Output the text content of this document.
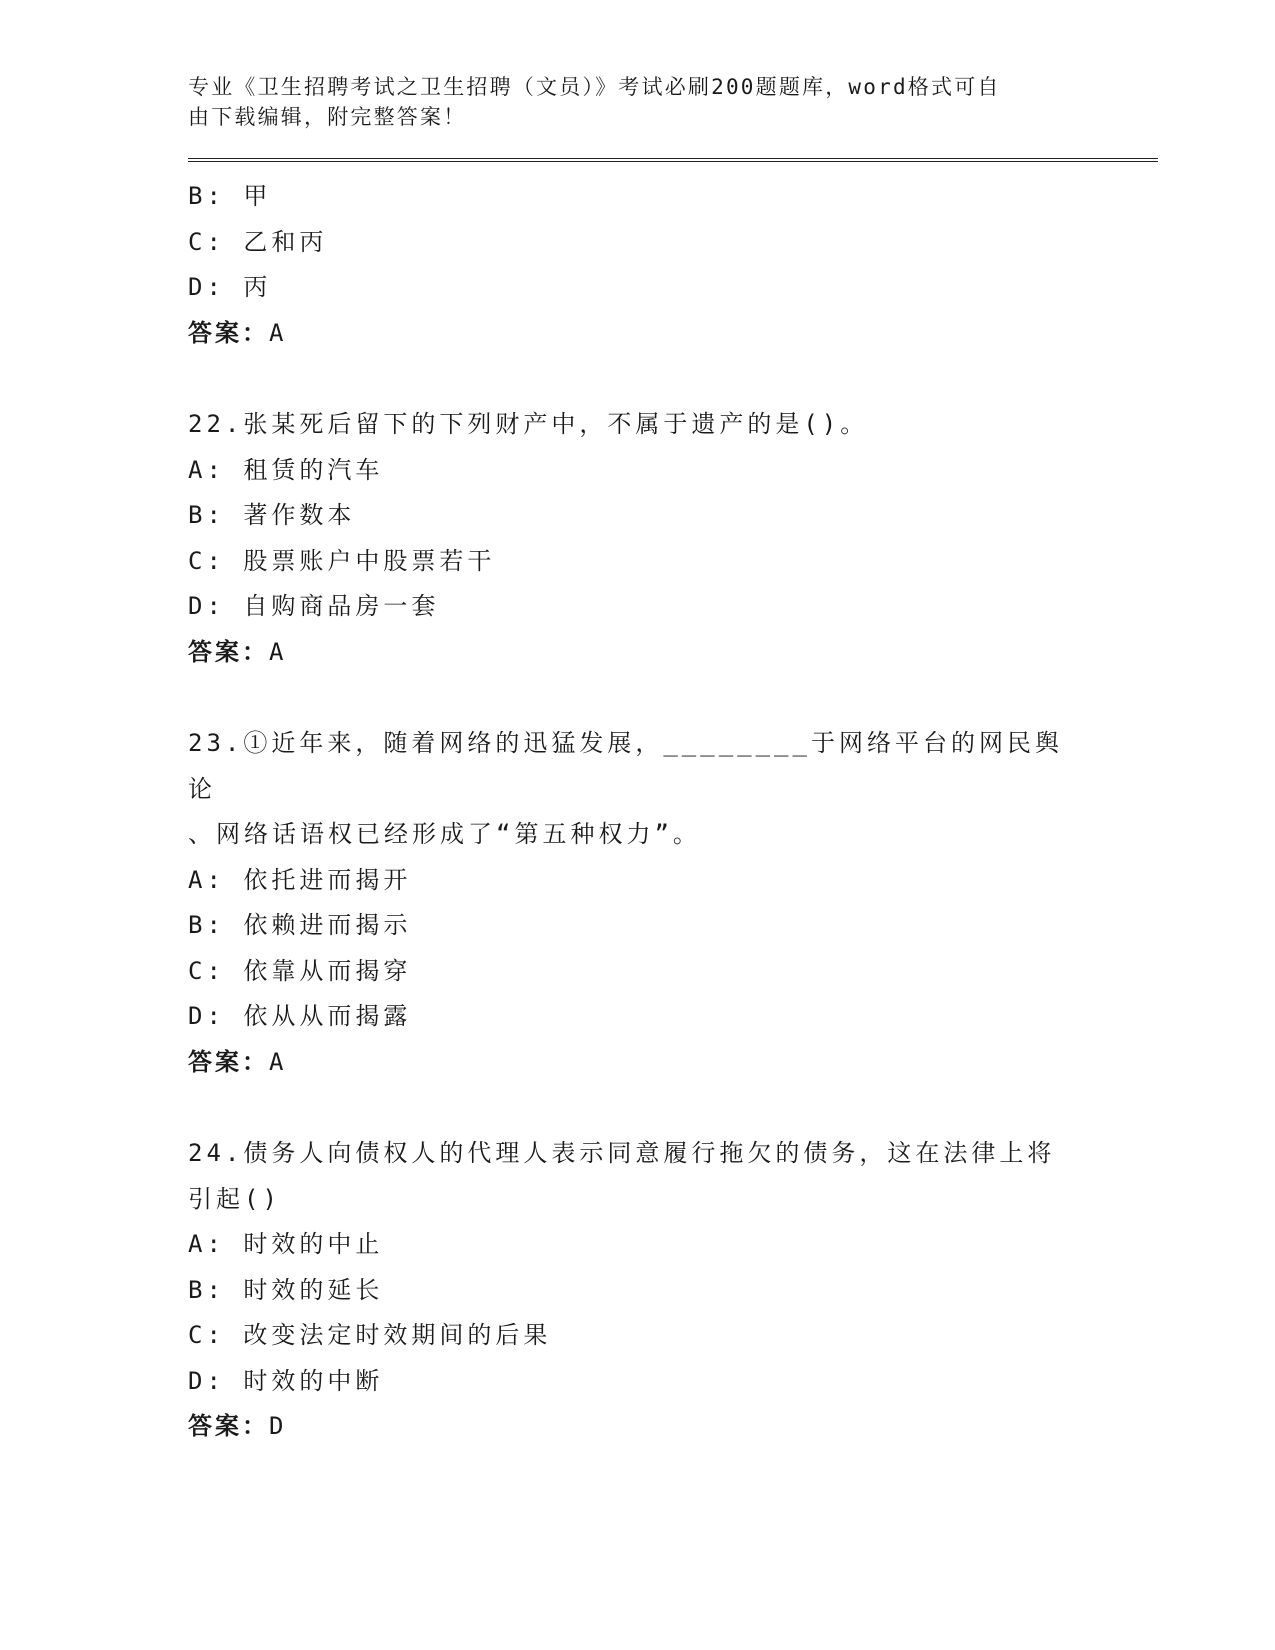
专业《卫生招聘考试之卫生招聘（文员）》考试必刷200题题库，word格式可自

由下载编辑，附完整答案！

B: 甲

C: 乙和丙

D: 丙

答案：A

22.张某死后留下的下列财产中，不属于遗产的是()。

A: 租赁的汽车

B: 著作数本

C: 股票账户中股票若干

D: 自购商品房一套

答案：A

23.①近年来，随着网络的迅猛发展，________于网络平台的网民舆论

、网络话语权已经形成了“第五种权力”。

A: 依托进而揭开

B: 依赖进而揭示

C: 依靠从而揭穿

D: 依从从而揭露

答案：A

24.债务人向债权人的代理人表示同意履行拖欠的债务，这在法律上将

引起()

A: 时效的中止

B: 时效的延长

C: 改变法定时效期间的后果

D: 时效的中断

答案：D
